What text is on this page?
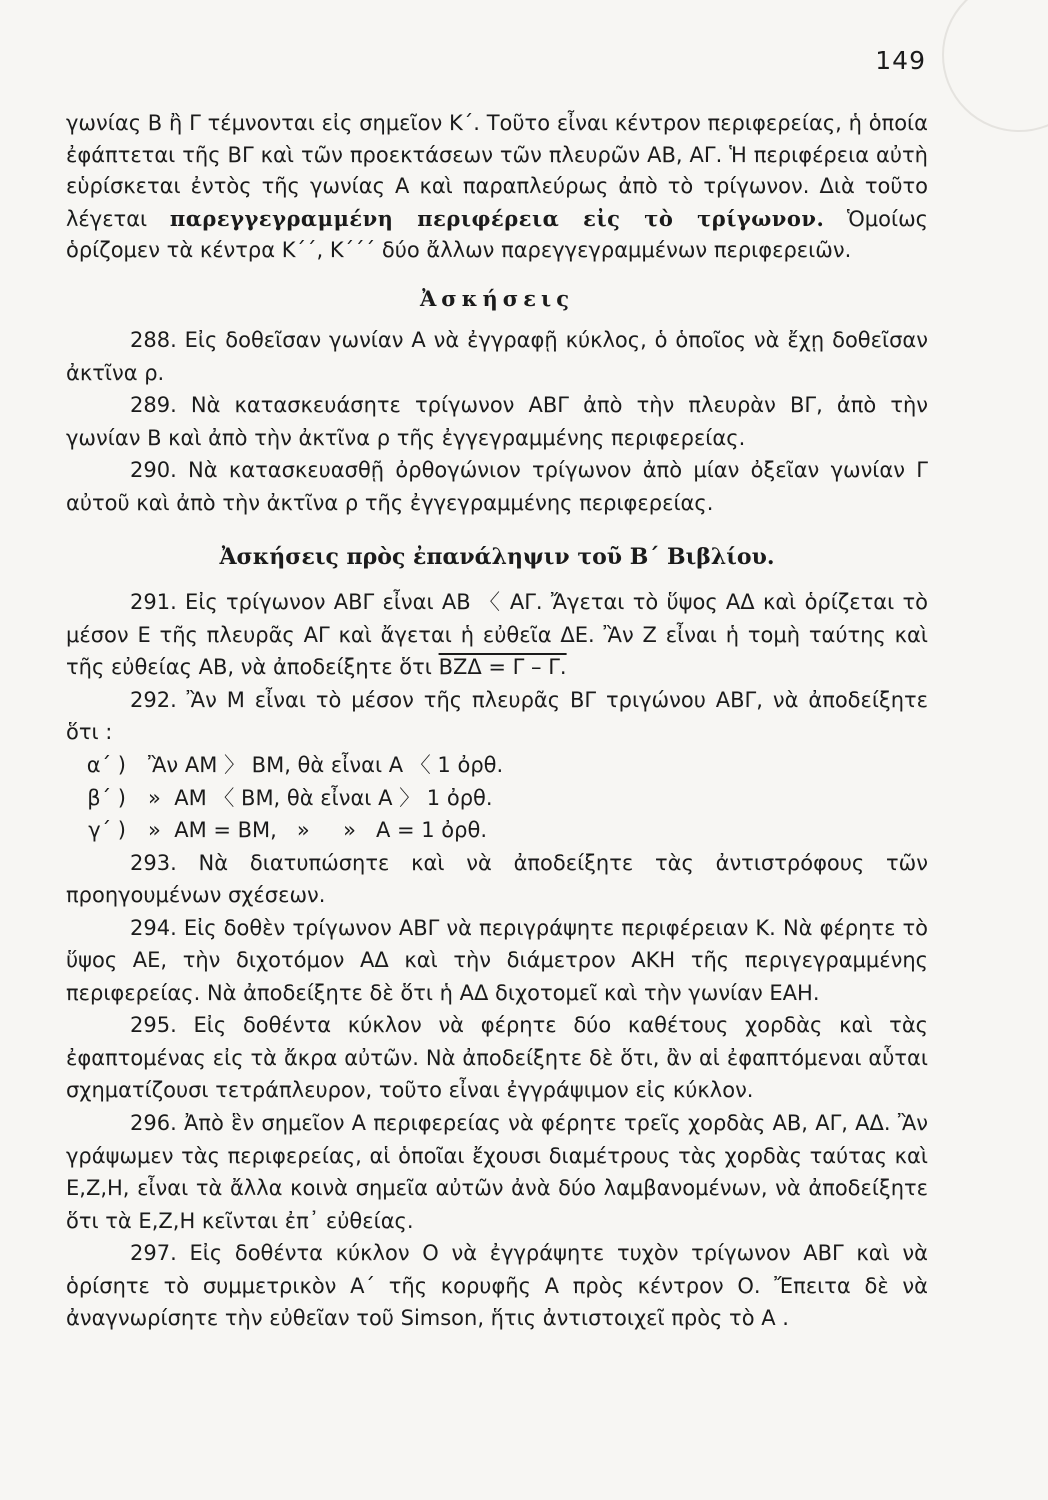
149

γωνίας Β ἢ Γ τέμνονται εἰς σημεῖον Κ΄. Τοῦτο εἶναι κέντρον περιφερείας, ἡ ὁποία ἐφάπτεται τῆς ΒΓ καὶ τῶν προεκτάσεων τῶν πλευρῶν ΑΒ, ΑΓ. Ἡ περιφέρεια αὐτὴ εὑρίσκεται ἐντὸς τῆς γωνίας Α καὶ παραπλεύρως ἀπὸ τὸ τρίγωνον. Διὰ τοῦτο λέγεται παρεγγεγραμμένη περιφέρεια εἰς τὸ τρίγωνον. Ὁμοίως ὁρίζομεν τὰ κέντρα Κ΄΄, Κ΄΄΄ δύο ἄλλων παρεγγεγραμμένων περιφερειῶν.

Ἀσκήσεις

288. Εἰς δοθεῖσαν γωνίαν Α νὰ ἐγγραφῇ κύκλος, ὁ ὁποῖος νὰ ἔχῃ δοθεῖσαν ἀκτῖνα ρ.

289. Νὰ κατασκευάσητε τρίγωνον ΑΒΓ ἀπὸ τὴν πλευρὰν ΒΓ, ἀπὸ τὴν γωνίαν Β καὶ ἀπὸ τὴν ἀκτῖνα ρ τῆς ἐγγεγραμμένης περιφερείας.

290. Νὰ κατασκευασθῇ ὀρθογώνιον τρίγωνον ἀπὸ μίαν ὀξεῖαν γωνίαν Γ αὐτοῦ καὶ ἀπὸ τὴν ἀκτῖνα ρ τῆς ἐγγεγραμμένης περιφερείας.

Ἀσκήσεις πρὸς ἐπανάληψιν τοῦ Β΄ Βιβλίου.

291. Εἰς τρίγωνον ΑΒΓ εἶναι ΑΒ 〈 ΑΓ. Ἄγεται τὸ ὕψος ΑΔ καὶ ὁρίζεται τὸ μέσον Ε τῆς πλευρᾶς ΑΓ καὶ ἄγεται ἡ εὐθεῖα ΔΕ. Ἂν Ζ εἶναι ἡ τομὴ ταύτης καὶ τῆς εὐθείας ΑΒ, νὰ ἀποδείξητε ὅτι ΒΖΔ = Γ – Γ.

292. Ἂν Μ εἶναι τὸ μέσον τῆς πλευρᾶς ΒΓ τριγώνου ΑΒΓ, νὰ ἀποδείξητε ὅτι :

α΄ )	Ἂν ΑΜ 〉 ΒΜ, θὰ εἶναι Α 〈 1 ὀρθ.
β΄ )	»  ΑΜ 〈 ΒΜ, θὰ εἶναι Α 〉 1 ὀρθ.
γ΄ )	»  ΑΜ = ΒΜ,   »     »   Α = 1 ὀρθ.

293. Νὰ διατυπώσητε καὶ νὰ ἀποδείξητε τὰς ἀντιστρόφους τῶν προηγουμένων σχέσεων.

294. Εἰς δοθὲν τρίγωνον ΑΒΓ νὰ περιγράψητε περιφέρειαν Κ. Νὰ φέρητε τὸ ὕψος ΑΕ, τὴν διχοτόμον ΑΔ καὶ τὴν διάμετρον ΑΚΗ τῆς περιγεγραμμένης περιφερείας. Νὰ ἀποδείξητε δὲ ὅτι ἡ ΑΔ διχοτομεῖ καὶ τὴν γωνίαν ΕΑΗ.

295. Εἰς δοθέντα κύκλον νὰ φέρητε δύο καθέτους χορδὰς καὶ τὰς ἐφαπτομένας εἰς τὰ ἄκρα αὐτῶν. Νὰ ἀποδείξητε δὲ ὅτι, ἂν αἱ ἐφαπτόμεναι αὗται σχηματίζουσι τετράπλευρον, τοῦτο εἶναι ἐγγράψιμον εἰς κύκλον.

296. Ἀπὸ ἓν σημεῖον Α περιφερείας νὰ φέρητε τρεῖς χορδὰς ΑΒ, ΑΓ, ΑΔ. Ἂν γράψωμεν τὰς περιφερείας, αἱ ὁποῖαι ἔχουσι διαμέτρους τὰς χορδὰς ταύτας καὶ Ε,Ζ,Η, εἶναι τὰ ἄλλα κοινὰ σημεῖα αὐτῶν ἀνὰ δύο λαμβανομένων, νὰ ἀποδείξητε ὅτι τὰ Ε,Ζ,Η κεῖνται ἐπ᾽ εὐθείας.

297. Εἰς δοθέντα κύκλον Ο νὰ ἐγγράψητε τυχὸν τρίγωνον ΑΒΓ καὶ νὰ ὁρίσητε τὸ συμμετρικὸν Α΄ τῆς κορυφῆς Α πρὸς κέντρον Ο. Ἔπειτα δὲ νὰ ἀναγνωρίσητε τὴν εὐθεῖαν τοῦ Simson, ἥτις ἀντιστοιχεῖ πρὸς τὸ Α .
